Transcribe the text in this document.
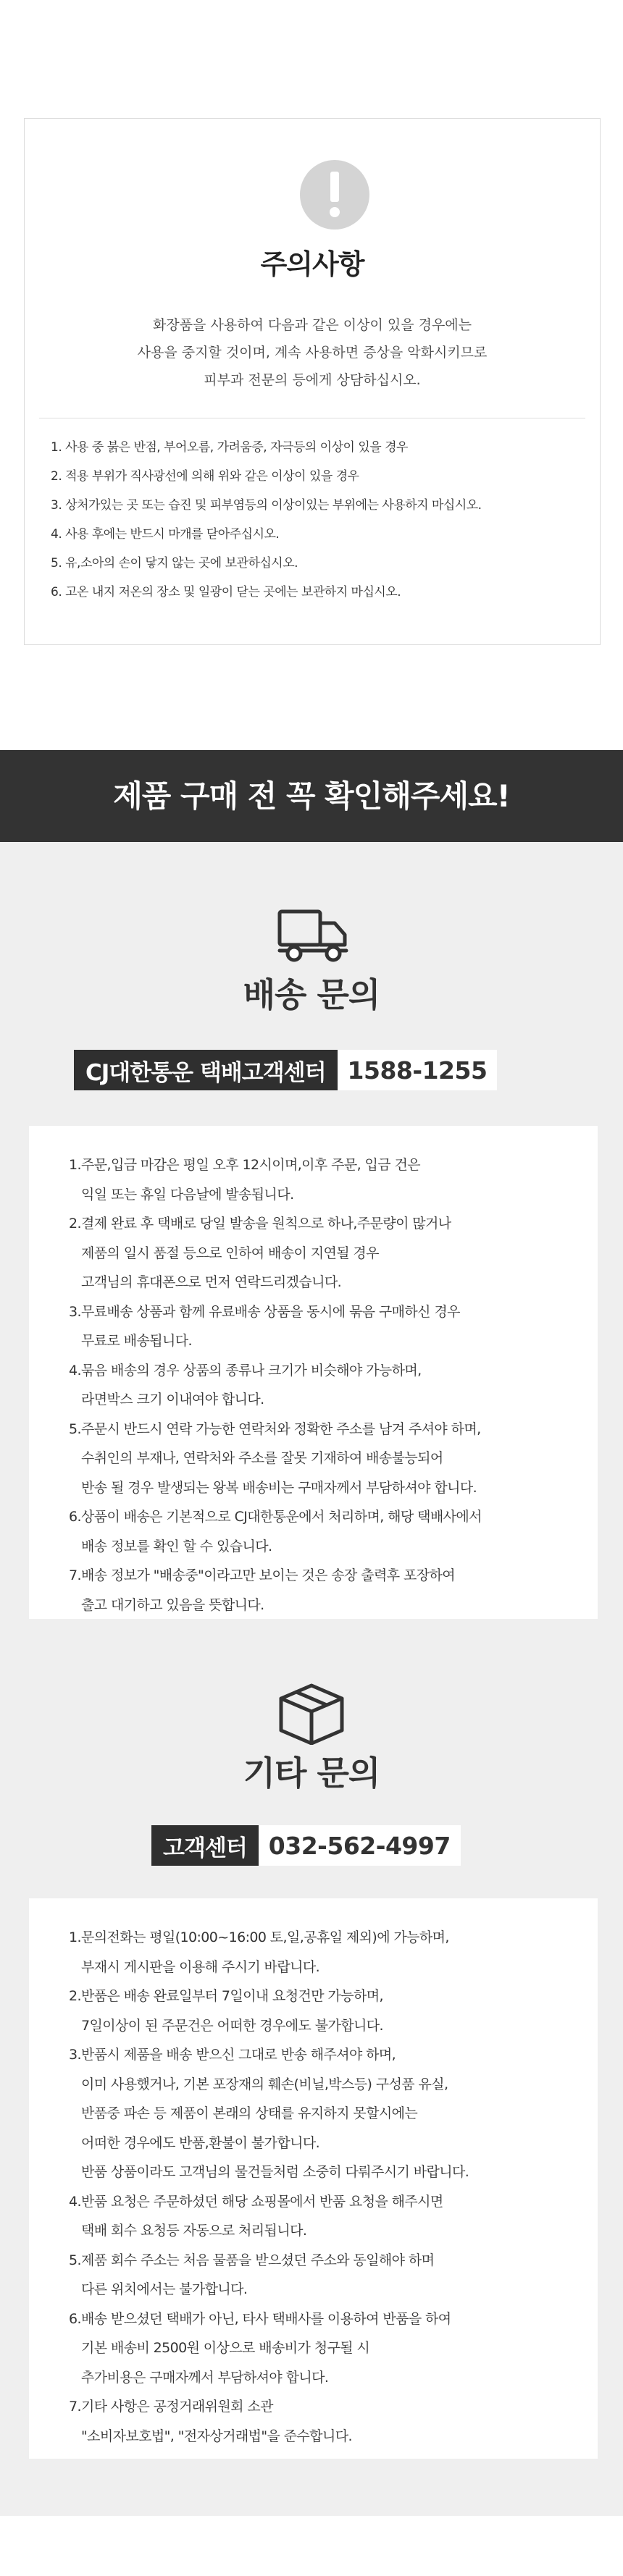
주의사항
화장품을 사용하여 다음과 같은 이상이 있을 경우에는
사용을 중지할 것이며, 계속 사용하면 증상을 악화시키므로
피부과 전문의 등에게 상담하십시오.
1. 사용 중 붉은 반점, 부어오름, 가려움증, 자극등의 이상이 있을 경우
2. 적용 부위가 직사광선에 의해 위와 같은 이상이 있을 경우
3. 상처가있는 곳 또는 습진 및 피부염등의 이상이있는 부위에는 사용하지 마십시오.
4. 사용 후에는 반드시 마개를 닫아주십시오.
5. 유,소아의 손이 닿지 않는 곳에 보관하십시오.
6. 고온 내지 저온의 장소 및 일광이 닫는 곳에는 보관하지 마십시오.
제품 구매 전 꼭 확인해주세요!
배송 문의
CJ대한통운 택배고객센터 1588-1255
1. 주문,입금 마감은 평일 오후 12시이며,이후 주문, 입금 건은
익일 또는 휴일 다음날에 발송됩니다.
2. 결제 완료 후 택배로 당일 발송을 원칙으로 하나,주문량이 많거나
제품의 일시 품절 등으로 인하여 배송이 지연될 경우
고객님의 휴대폰으로 먼저 연락드리겠습니다.
3. 무료배송 상품과 함께 유료배송 상품을 동시에 묶음 구매하신 경우
무료로 배송됩니다.
4. 묶음 배송의 경우 상품의 종류나 크기가 비슷해야 가능하며,
라면박스 크기 이내여야 합니다.
5. 주문시 반드시 연락 가능한 연락처와 정확한 주소를 남겨 주셔야 하며,
수취인의 부재나, 연락처와 주소를 잘못 기재하여 배송불능되어
반송 될 경우 발생되는 왕복 배송비는 구매자께서 부담하셔야 합니다.
6. 상품이 배송은 기본적으로 CJ대한통운에서 처리하며, 해당 택배사에서
배송 정보를 확인 할 수 있습니다.
7. 배송 정보가 "배송중"이라고만 보이는 것은 송장 출력후 포장하여
출고 대기하고 있음을 뜻합니다.
기타 문의
고객센터 032-562-4997
1. 문의전화는 평일(10:00~16:00 토,일,공휴일 제외)에 가능하며,
부재시 게시판을 이용해 주시기 바랍니다.
2. 반품은 배송 완료일부터 7일이내 요청건만 가능하며,
7일이상이 된 주문건은 어떠한 경우에도 불가합니다.
3. 반품시 제품을 배송 받으신 그대로 반송 해주셔야 하며,
이미 사용했거나, 기본 포장재의 훼손(비닐,박스등) 구성품 유실,
반품중 파손 등 제품이 본래의 상태를 유지하지 못할시에는
어떠한 경우에도 반품,환불이 불가합니다.
반품 상품이라도 고객님의 물건들처럼 소중히 다뤄주시기 바랍니다.
4. 반품 요청은 주문하셨던 해당 쇼핑몰에서 반품 요청을 해주시면
택배 회수 요청등 자동으로 처리됩니다.
5. 제품 회수 주소는 처음 물품을 받으셨던 주소와 동일해야 하며
다른 위치에서는 불가합니다.
6. 배송 받으셨던 택배가 아닌, 타사 택배사를 이용하여 반품을 하여
기본 배송비 2500원 이상으로 배송비가 청구될 시
추가비용은 구매자께서 부담하셔야 합니다.
7. 기타 사항은 공정거래위원회 소관
"소비자보호법", "전자상거래법"을 준수합니다.
